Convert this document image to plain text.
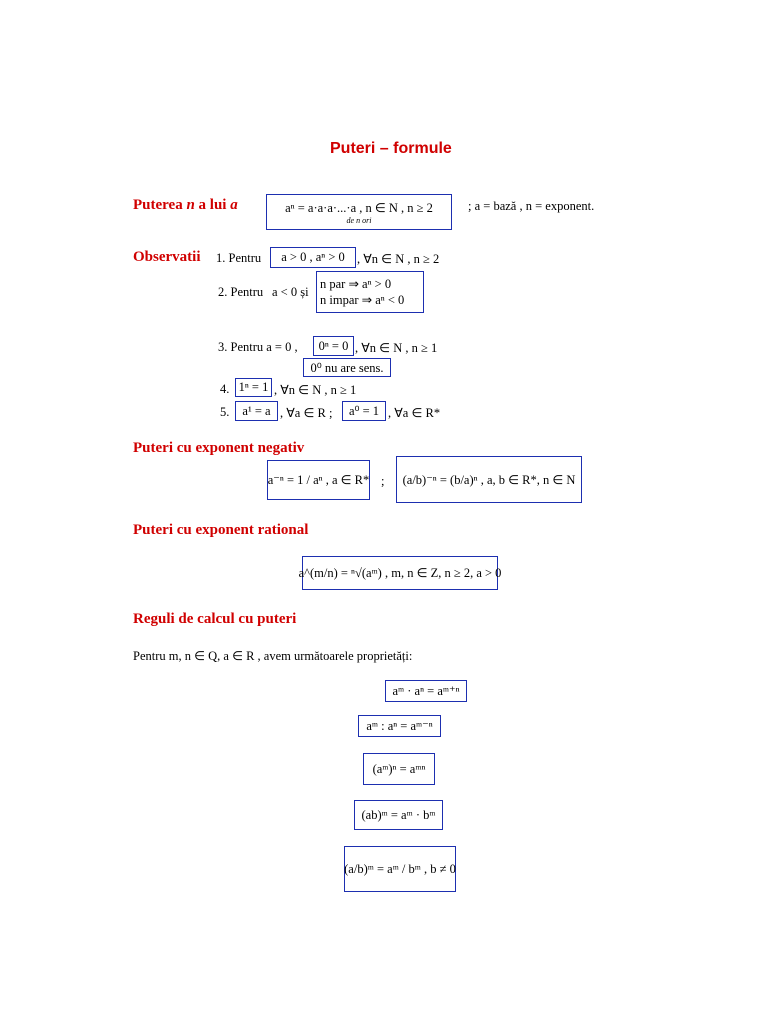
Puteri – formule
Puterea n a lui a	aⁿ = a·a·a·...·a , n ∈ N , n ≥ 2
de n ori
; a = bază , n = exponent.
Observatii 1. Pentru	a > 0 , aⁿ > 0 , ∀n ∈ N , n ≥ 2
2. Pentru a < 0 și
n par ⇒ aⁿ > 0
n impar ⇒ aⁿ < 0
3. Pentru a = 0 ,	0ⁿ = 0 , ∀n ∈ N , n ≥ 1
0⁰ nu are sens.
4. 1ⁿ = 1 , ∀n ∈ N , n ≥ 1
5.	a¹ = a , ∀a ∈ R ;	a⁰ = 1 , ∀a ∈ R*
Puteri cu exponent negativ
a⁻ⁿ = 1 / aⁿ , a ∈ R* ;	(a/b)⁻ⁿ = (b/a)ⁿ , a, b ∈ R*, n ∈ N
Puteri cu exponent rational
a^(m/n) = ⁿ√(aᵐ) , m, n ∈ Z, n ≥ 2, a > 0
Reguli de calcul cu puteri
Pentru m, n ∈ Q, a ∈ R , avem următoarele proprietăți:
aᵐ · aⁿ = aᵐ⁺ⁿ
aᵐ : aⁿ = aᵐ⁻ⁿ
(aᵐ)ⁿ = aᵐⁿ
(ab)ᵐ = aᵐ · bᵐ
(a/b)ᵐ = aᵐ / bᵐ , b ≠ 0
